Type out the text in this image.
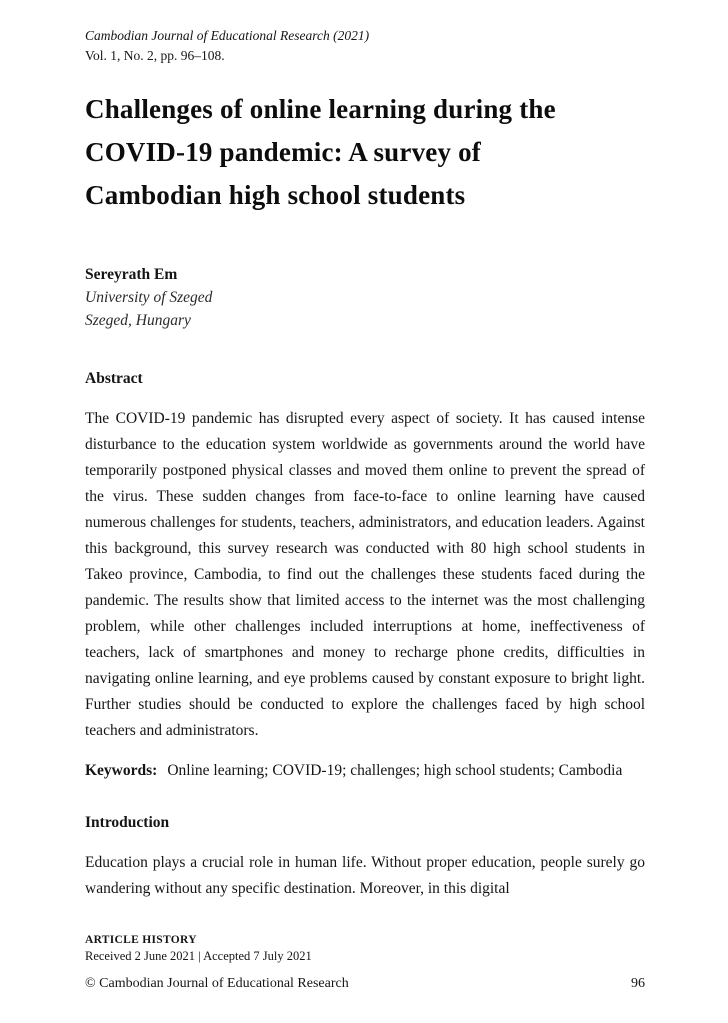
Cambodian Journal of Educational Research (2021)
Vol. 1, No. 2, pp. 96–108.
Challenges of online learning during the
COVID-19 pandemic: A survey of
Cambodian high school students
Sereyrath Em
University of Szeged
Szeged, Hungary
Abstract

The COVID-19 pandemic has disrupted every aspect of society. It has caused intense disturbance to the education system worldwide as governments around the world have temporarily postponed physical classes and moved them online to prevent the spread of the virus. These sudden changes from face-to-face to online learning have caused numerous challenges for students, teachers, administrators, and education leaders. Against this background, this survey research was conducted with 80 high school students in Takeo province, Cambodia, to find out the challenges these students faced during the pandemic. The results show that limited access to the internet was the most challenging problem, while other challenges included interruptions at home, ineffectiveness of teachers, lack of smartphones and money to recharge phone credits, difficulties in navigating online learning, and eye problems caused by constant exposure to bright light. Further studies should be conducted to explore the challenges faced by high school teachers and administrators.

Keywords: Online learning; COVID-19; challenges; high school students; Cambodia
Introduction

Education plays a crucial role in human life. Without proper education, people surely go wandering without any specific destination. Moreover, in this digital

ARTICLE HISTORY
Received 2 June 2021 | Accepted 7 July 2021
© Cambodian Journal of Educational Research	96
